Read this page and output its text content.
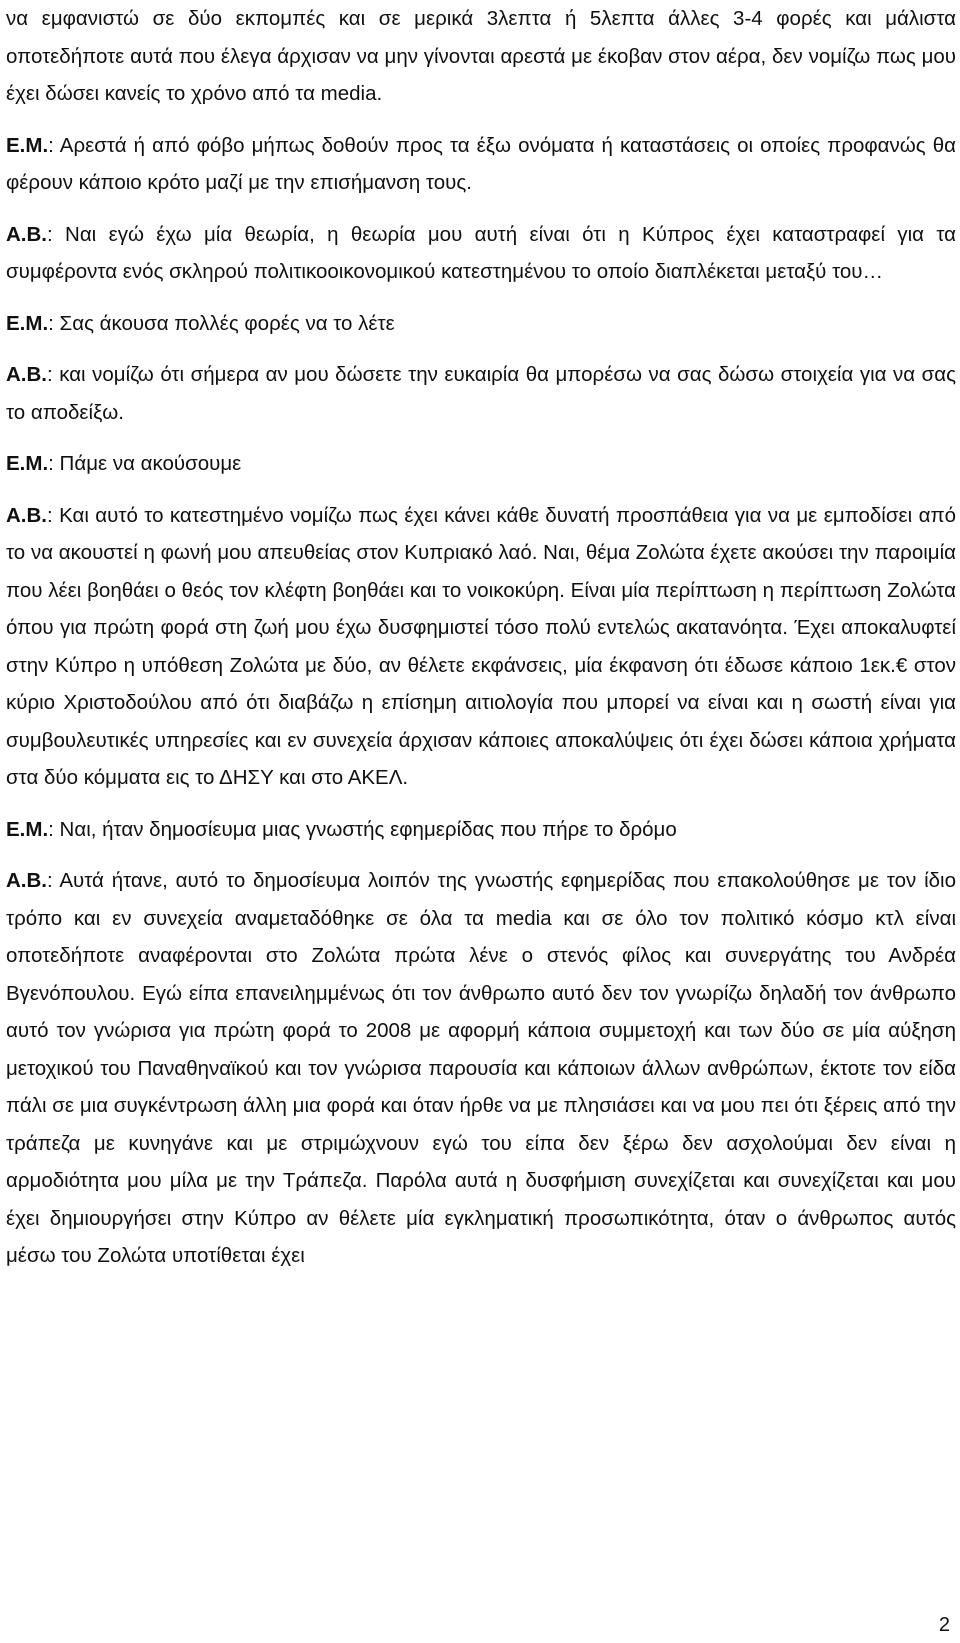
να εμφανιστώ σε δύο εκπομπές και σε μερικά 3λεπτα ή 5λεπτα άλλες 3-4 φορές και μάλιστα οποτεδήποτε αυτά που έλεγα άρχισαν να μην γίνονται αρεστά με έκοβαν στον αέρα, δεν νομίζω πως μου έχει δώσει κανείς το χρόνο από τα media.

Ε.Μ.: Αρεστά ή από φόβο μήπως δοθούν προς τα έξω ονόματα ή καταστάσεις οι οποίες προφανώς θα φέρουν κάποιο κρότο μαζί με την επισήμανση τους.

Α.Β.: Ναι εγώ έχω μία θεωρία, η θεωρία μου αυτή είναι ότι η Κύπρος έχει καταστραφεί για τα συμφέροντα ενός σκληρού πολιτικοοικονομικού κατεστημένου το οποίο διαπλέκεται μεταξύ του…

Ε.Μ.: Σας άκουσα πολλές φορές να το λέτε

Α.Β.: και νομίζω ότι σήμερα αν μου δώσετε την ευκαιρία θα μπορέσω να σας δώσω στοιχεία για να σας το αποδείξω.

Ε.Μ.: Πάμε να ακούσουμε

Α.Β.: Και αυτό το κατεστημένο νομίζω πως έχει κάνει κάθε δυνατή προσπάθεια για να με εμποδίσει από το να ακουστεί η φωνή μου απευθείας στον Κυπριακό λαό. Ναι, θέμα Ζολώτα έχετε ακούσει την παροιμία που λέει βοηθάει ο θεός τον κλέφτη βοηθάει και το νοικοκύρη. Είναι μία περίπτωση η περίπτωση Ζολώτα όπου για πρώτη φορά στη ζωή μου έχω δυσφημιστεί τόσο πολύ εντελώς ακατανόητα. Έχει αποκαλυφτεί στην Κύπρο η υπόθεση Ζολώτα με δύο, αν θέλετε εκφάνσεις, μία έκφανση ότι έδωσε κάποιο 1εκ.€ στον κύριο Χριστοδούλου από ότι διαβάζω η επίσημη αιτιολογία που μπορεί να είναι και η σωστή είναι για συμβουλευτικές υπηρεσίες και εν συνεχεία άρχισαν κάποιες αποκαλύψεις ότι έχει δώσει κάποια χρήματα στα δύο κόμματα εις το ΔΗΣΥ και στο ΑΚΕΛ.

Ε.Μ.: Ναι, ήταν δημοσίευμα μιας γνωστής εφημερίδας που πήρε το δρόμο

Α.Β.: Αυτά ήτανε, αυτό το δημοσίευμα λοιπόν της γνωστής εφημερίδας που επακολούθησε με τον ίδιο τρόπο και εν συνεχεία αναμεταδόθηκε σε όλα τα media και σε όλο τον πολιτικό κόσμο κτλ είναι οποτεδήποτε αναφέρονται στο Ζολώτα πρώτα λένε ο στενός φίλος και συνεργάτης του Ανδρέα Βγενόπουλου. Εγώ είπα επανειλημμένως ότι τον άνθρωπο αυτό δεν τον γνωρίζω δηλαδή τον άνθρωπο αυτό τον γνώρισα για πρώτη φορά το 2008 με αφορμή κάποια συμμετοχή και των δύο σε μία αύξηση μετοχικού του Παναθηναϊκού και τον γνώρισα παρουσία και κάποιων άλλων ανθρώπων, έκτοτε τον είδα πάλι σε μια συγκέντρωση άλλη μια φορά και όταν ήρθε να με πλησιάσει και να μου πει ότι ξέρεις από την τράπεζα με κυνηγάνε και με στριμώχνουν εγώ του είπα δεν ξέρω δεν ασχολούμαι δεν είναι η αρμοδιότητα μου μίλα με την Τράπεζα. Παρόλα αυτά η δυσφήμιση συνεχίζεται και συνεχίζεται και μου έχει δημιουργήσει στην Κύπρο αν θέλετε μία εγκληματική προσωπικότητα, όταν ο άνθρωπος αυτός μέσω του Ζολώτα υποτίθεται έχει

2
